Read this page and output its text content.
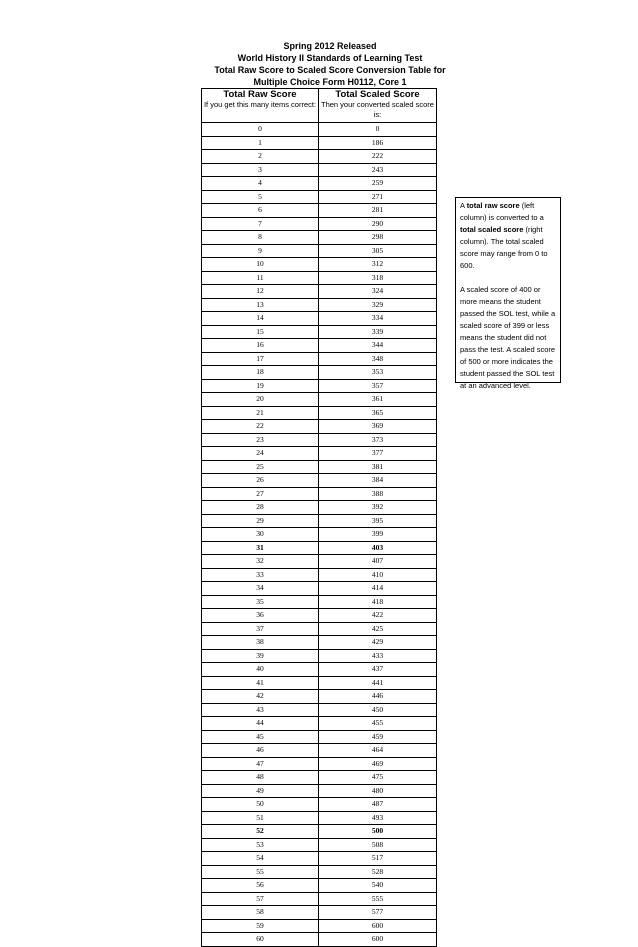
Spring 2012 Released
World History II Standards of Learning Test
Total Raw Score to Scaled Score Conversion Table for
Multiple Choice Form H0112, Core 1
Total Raw Score	Total Scaled Score
If you get this many items correct:	Then your converted scaled score is:
0	0
1	186
2	222
3	243
4	259
5	271
6	281
7	290
8	298
9	305
10	312
11	318
12	324
13	329
14	334
15	339
16	344
17	348
18	353
19	357
20	361
21	365
22	369
23	373
24	377
25	381
26	384
27	388
28	392
29	395
30	399
31	403
32	407
33	410
34	414
35	418
36	422
37	425
38	429
39	433
40	437
41	441
42	446
43	450
44	455
45	459
46	464
47	469
48	475
49	480
50	487
51	493
52	500
53	508
54	517
55	528
56	540
57	555
58	577
59	600
60	600

A total raw score (left column) is converted to a total scaled score (right column). The total scaled score may range from 0 to 600.

A scaled score of 400 or more means the student passed the SOL test, while a scaled score of 399 or less means the student did not pass the test. A scaled score of 500 or more indicates the student passed the SOL test at an advanced level.
